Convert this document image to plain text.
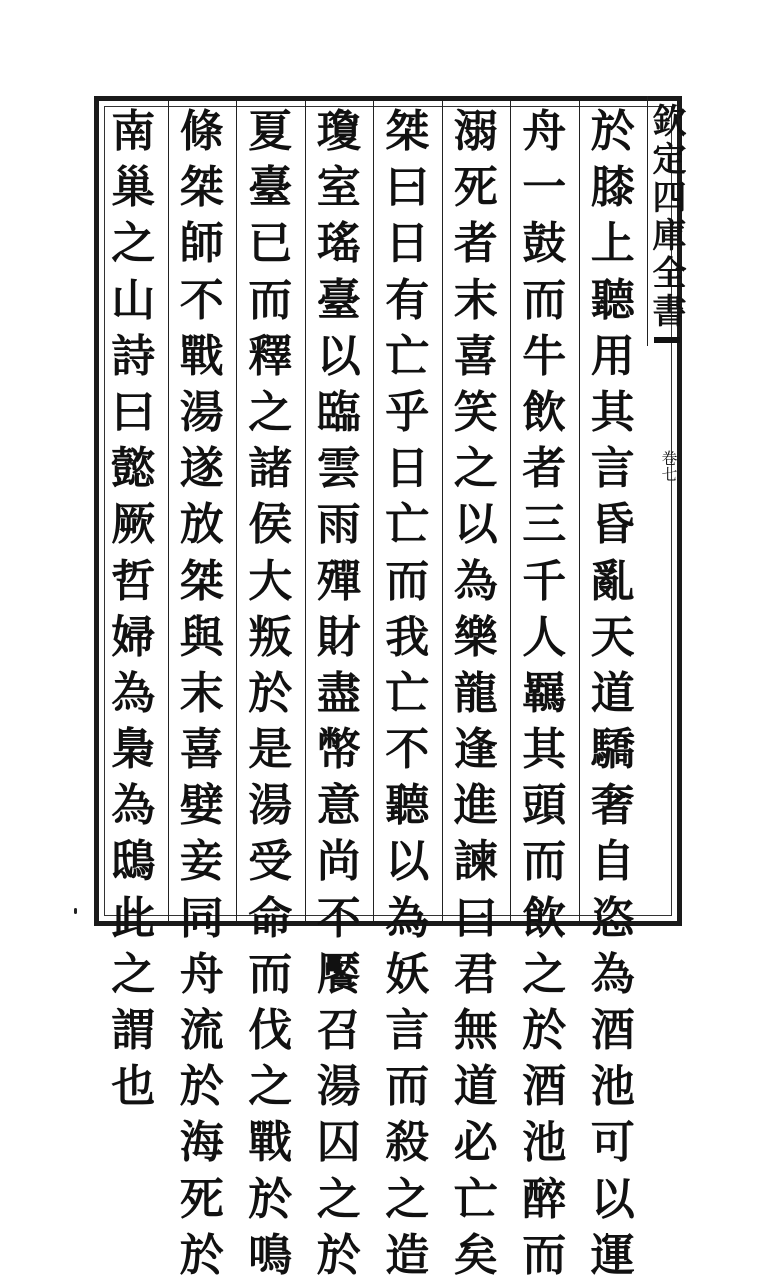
欽定四庫全書
卷七
於
膝
上
聽
用
其
言
昏
亂
天
道
驕
奢
自
恣
為
酒
池
可
以
運
舟
一
鼓
而
牛
飲
者
三
千
人
羈
其
頭
而
飲
之
於
酒
池
醉
而
溺
死
者
末
喜
笑
之
以
為
樂
龍
逢
進
諫
曰
君
無
道
必
亡
矣
桀
曰
日
有
亡
乎
日
亡
而
我
亡
不
聽
以
為
妖
言
而
殺
之
造
瓊
室
瑤
臺
以
臨
雲
雨
殫
財
盡
幣
意
尚
不
饜
召
湯
囚
之
於
夏
臺
已
而
釋
之
諸
侯
大
叛
於
是
湯
受
命
而
伐
之
戰
於
鳴
條
桀
師
不
戰
湯
遂
放
桀
與
末
喜
嬖
妾
同
舟
流
於
海
死
於
南
巢
之
山
詩
曰
懿
厥
哲
婦
為
梟
為
鴟
此
之
謂
也
